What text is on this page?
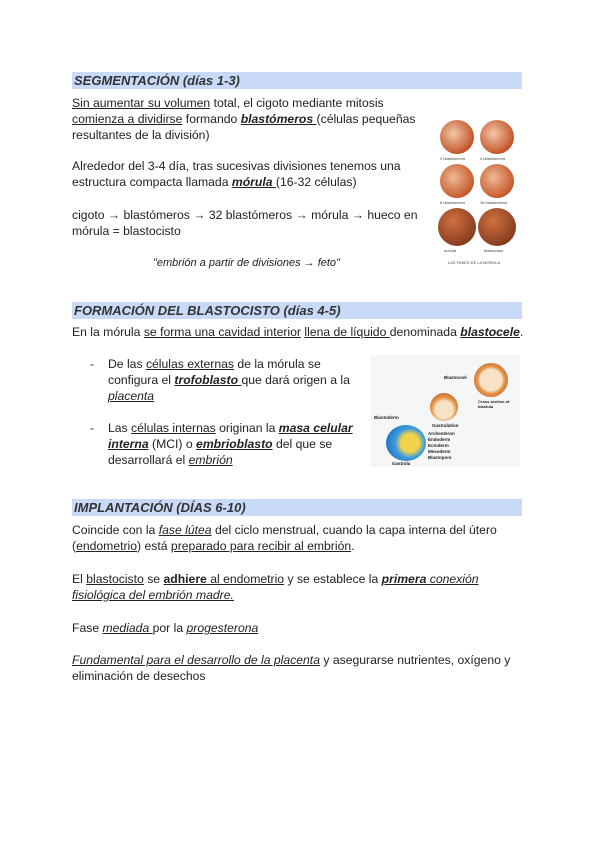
SEGMENTACIÓN (días 1-3)
Sin aumentar su volumen total, el cigoto mediante mitosis
comienza a dividirse formando blastómeros (células pequeñas
resultantes de la división)
Alrededor del 3-4 día, tras sucesivas divisiones tenemos una
estructura compacta llamada mórula (16-32 células)
cigoto → blastómeros → 32 blastómeros → mórula → hueco en
mórula = blastocisto
"embrión a partir de divisiones → feto"
2 blastómeros	4 blastómeros
8 blastómeros	16 blastómeros
mórula	blastocisto
LAS FASES DE LA MÓRULA
FORMACIÓN DEL BLASTOCISTO (días 4-5)
En la mórula se forma una cavidad interior llena de líquido denominada blastocele.
- De las células externas de la mórula se
configura el trofoblasto que dará origen a la
placenta
- Las células internas originan la masa celular
interna (MCI) o embrioblasto del que se
desarrollará el embrión
Blastocoel
Cross section of blastula
Blastoderm
Gastrulation
Archenteron
Endoderm
Ectoderm
Mesoderm
Blastopore
Gastrula
IMPLANTACIÓN (DÍAS 6-10)
Coincide con la fase lútea del ciclo menstrual, cuando la capa interna del útero
(endometrio) está preparado para recibir al embrión.
El blastocisto se adhiere al endometrio y se establece la primera conexión
fisiológica del embrión madre.
Fase mediada por la progesterona
Fundamental para el desarrollo de la placenta y asegurarse nutrientes, oxígeno y
eliminación de desechos
